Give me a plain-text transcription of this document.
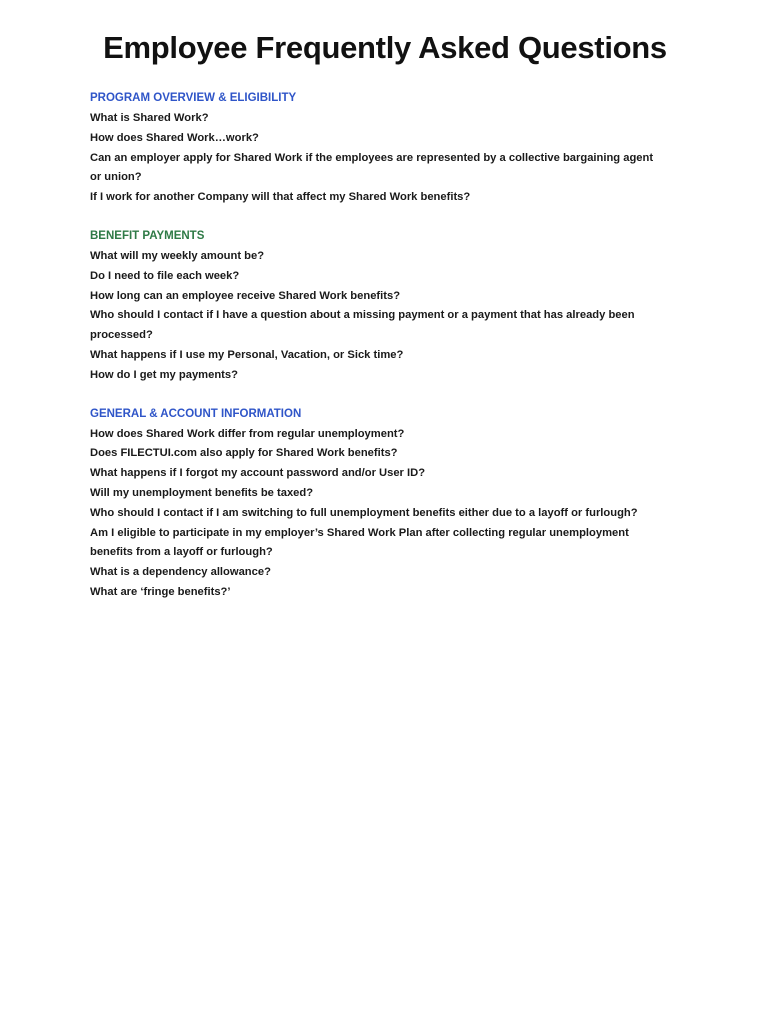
Employee Frequently Asked Questions
PROGRAM OVERVIEW & ELIGIBILITY
What is Shared Work?
How does Shared Work…work?
Can an employer apply for Shared Work if the employees are represented by a collective bargaining agent
or union?
If I work for another Company will that affect my Shared Work benefits?
BENEFIT PAYMENTS
What will my weekly amount be?
Do I need to file each week?
How long can an employee receive Shared Work benefits?
Who should I contact if I have a question about a missing payment or a payment that has already been
processed?
What happens if I use my Personal, Vacation, or Sick time?
How do I get my payments?
GENERAL & ACCOUNT INFORMATION
How does Shared Work differ from regular unemployment?
Does FILECTUI.com also apply for Shared Work benefits?
What happens if I forgot my account password and/or User ID?
Will my unemployment benefits be taxed?
Who should I contact if I am switching to full unemployment benefits either due to a layoff or furlough?
Am I eligible to participate in my employer’s Shared Work Plan after collecting regular unemployment
benefits from a layoff or furlough?
What is a dependency allowance?
What are ‘fringe benefits?’
